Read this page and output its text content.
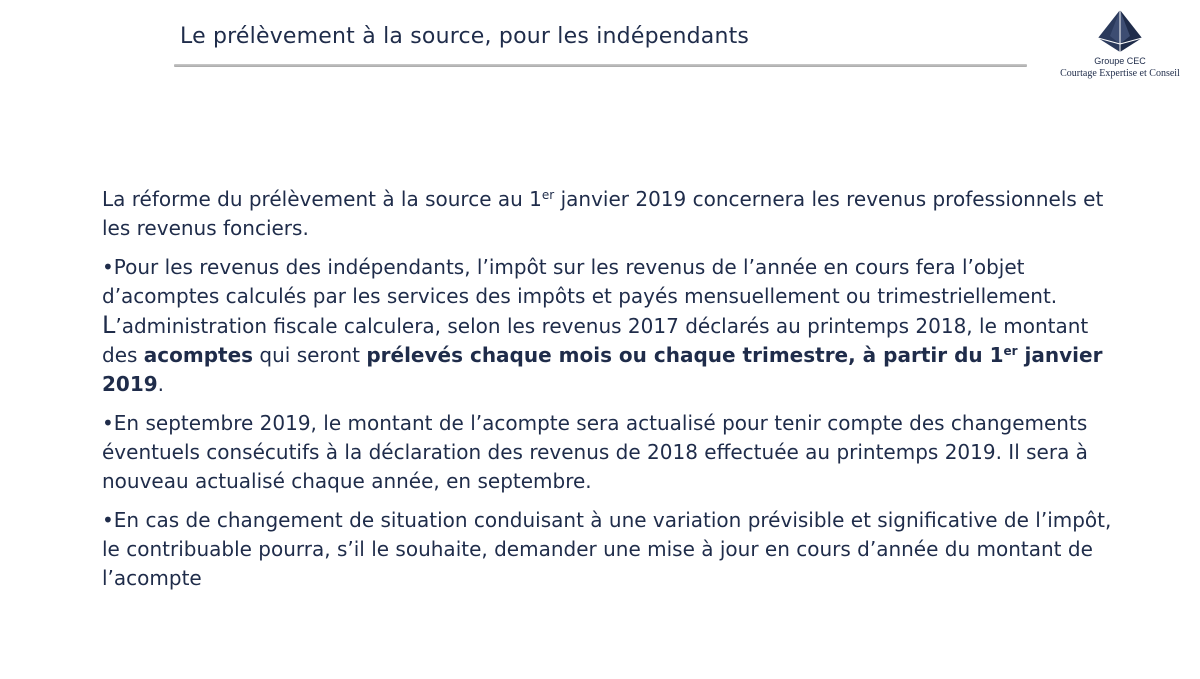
Le prélèvement à la source, pour les indépendants
Groupe CEC
Courtage Expertise et Conseil

La réforme du prélèvement à la source au 1er janvier 2019 concernera les revenus professionnels et les revenus fonciers.

•Pour les revenus des indépendants, l’impôt sur les revenus de l’année en cours fera l’objet d’acomptes calculés par les services des impôts et payés mensuellement ou trimestriellement. L’administration fiscale calculera, selon les revenus 2017 déclarés au printemps 2018, le montant des acomptes qui seront prélevés chaque mois ou chaque trimestre, à partir du 1er janvier 2019.

•En septembre 2019, le montant de l’acompte sera actualisé pour tenir compte des changements éventuels consécutifs à la déclaration des revenus de 2018 effectuée au printemps 2019. Il sera à nouveau actualisé chaque année, en septembre.

•En cas de changement de situation conduisant à une variation prévisible et significative de l’impôt, le contribuable pourra, s’il le souhaite, demander une mise à jour en cours d’année du montant de l’acompte
